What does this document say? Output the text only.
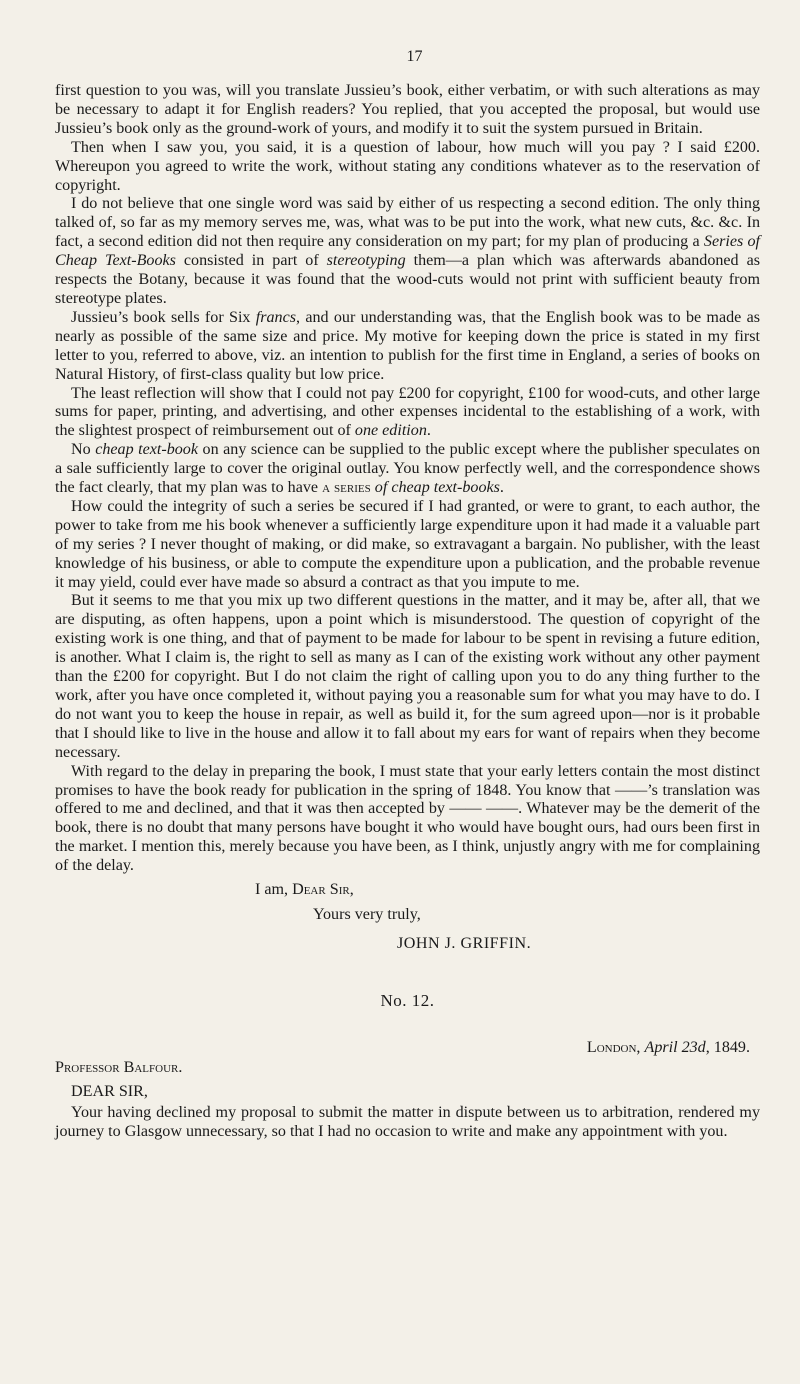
17

first question to you was, will you translate Jussieu’s book, either verbatim, or with such alterations as may be necessary to adapt it for English readers? You replied, that you accepted the proposal, but would use Jussieu’s book only as the ground-work of yours, and modify it to suit the system pursued in Britain.

Then when I saw you, you said, it is a question of labour, how much will you pay ? I said £200. Whereupon you agreed to write the work, without stating any conditions whatever as to the reservation of copyright.

I do not believe that one single word was said by either of us respecting a second edition. The only thing talked of, so far as my memory serves me, was, what was to be put into the work, what new cuts, &c. &c. In fact, a second edition did not then require any consideration on my part; for my plan of producing a Series of Cheap Text-Books consisted in part of stereotyping them—a plan which was afterwards abandoned as respects the Botany, because it was found that the wood-cuts would not print with sufficient beauty from stereotype plates.

Jussieu’s book sells for Six francs, and our understanding was, that the English book was to be made as nearly as possible of the same size and price. My motive for keeping down the price is stated in my first letter to you, referred to above, viz. an intention to publish for the first time in England, a series of books on Natural History, of first-class quality but low price.

The least reflection will show that I could not pay £200 for copyright, £100 for wood-cuts, and other large sums for paper, printing, and advertising, and other expenses incidental to the establishing of a work, with the slightest prospect of reimbursement out of one edition.

No cheap text-book on any science can be supplied to the public except where the publisher speculates on a sale sufficiently large to cover the original outlay. You know perfectly well, and the correspondence shows the fact clearly, that my plan was to have a series of cheap text-books.

How could the integrity of such a series be secured if I had granted, or were to grant, to each author, the power to take from me his book whenever a sufficiently large expenditure upon it had made it a valuable part of my series ? I never thought of making, or did make, so extravagant a bargain. No publisher, with the least knowledge of his business, or able to compute the expenditure upon a publication, and the probable revenue it may yield, could ever have made so absurd a contract as that you impute to me.

But it seems to me that you mix up two different questions in the matter, and it may be, after all, that we are disputing, as often happens, upon a point which is misunderstood. The question of copyright of the existing work is one thing, and that of payment to be made for labour to be spent in revising a future edition, is another. What I claim is, the right to sell as many as I can of the existing work without any other payment than the £200 for copyright. But I do not claim the right of calling upon you to do any thing further to the work, after you have once completed it, without paying you a reasonable sum for what you may have to do. I do not want you to keep the house in repair, as well as build it, for the sum agreed upon—nor is it probable that I should like to live in the house and allow it to fall about my ears for want of repairs when they become necessary.

With regard to the delay in preparing the book, I must state that your early letters contain the most distinct promises to have the book ready for publication in the spring of 1848. You know that ——’s translation was offered to me and declined, and that it was then accepted by —— ——. Whatever may be the demerit of the book, there is no doubt that many persons have bought it who would have bought ours, had ours been first in the market. I mention this, merely because you have been, as I think, unjustly angry with me for complaining of the delay.

I am, Dear Sir,
Yours very truly,
JOHN J. GRIFFIN.
No. 12.
London, April 23d, 1849.
Professor Balfour.
DEAR SIR,

Your having declined my proposal to submit the matter in dispute between us to arbitration, rendered my journey to Glasgow unnecessary, so that I had no occasion to write and make any appointment with you.
